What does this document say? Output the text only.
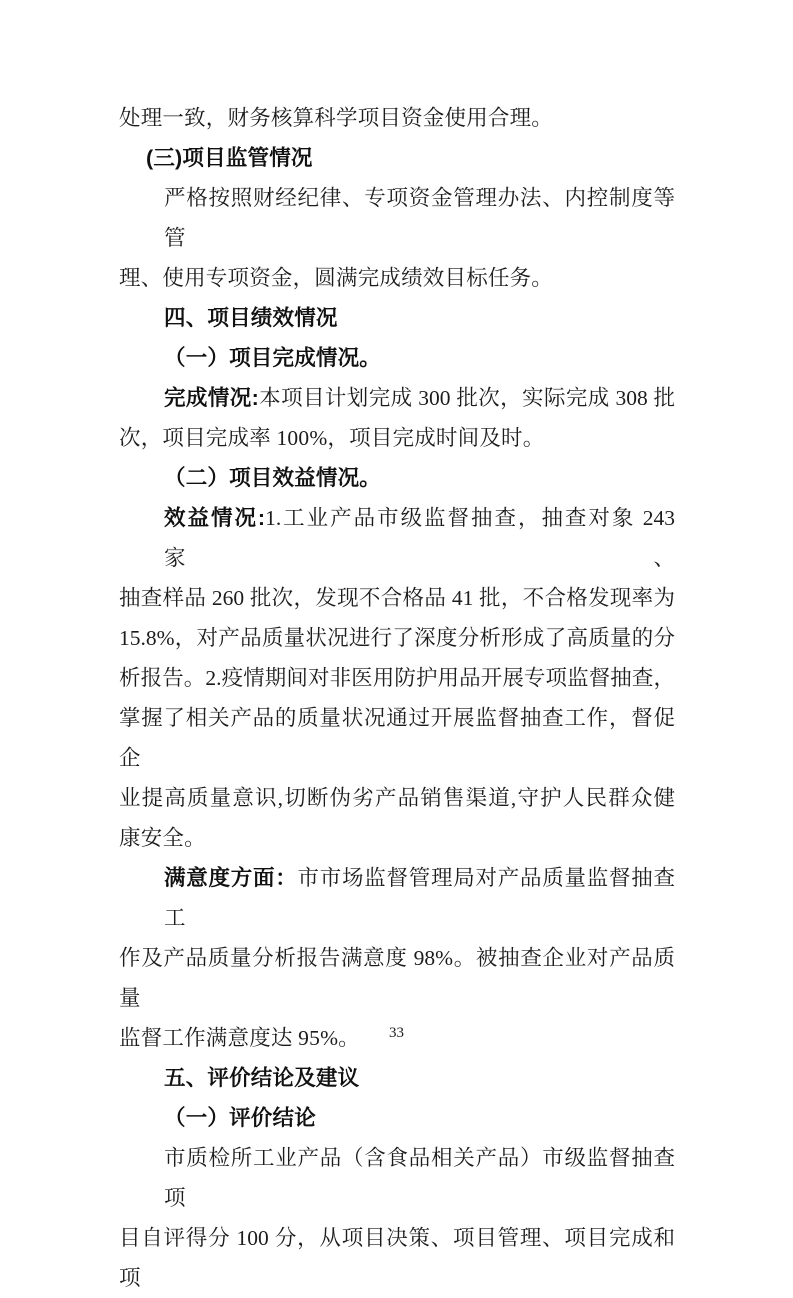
处理一致，财务核算科学项目资金使用合理。
(三)项目监管情况
严格按照财经纪律、专项资金管理办法、内控制度等管
理、使用专项资金，圆满完成绩效目标任务。
四、项目绩效情况
（一）项目完成情况。
完成情况:本项目计划完成 300 批次，实际完成 308 批
次，项目完成率 100%，项目完成时间及时。
（二）项目效益情况。
效益情况:1.工业产品市级监督抽查，抽查对象 243 家、
抽查样品 260 批次，发现不合格品 41 批，不合格发现率为
15.8%，对产品质量状况进行了深度分析形成了高质量的分
析报告。2.疫情期间对非医用防护用品开展专项监督抽查，
掌握了相关产品的质量状况通过开展监督抽查工作，督促企
业提高质量意识,切断伪劣产品销售渠道,守护人民群众健
康安全。
满意度方面：市市场监督管理局对产品质量监督抽查工
作及产品质量分析报告满意度 98%。被抽查企业对产品质量
监督工作满意度达 95%。
五、评价结论及建议
（一）评价结论
市质检所工业产品（含食品相关产品）市级监督抽查项
目自评得分 100 分，从项目决策、项目管理、项目完成和项
33
